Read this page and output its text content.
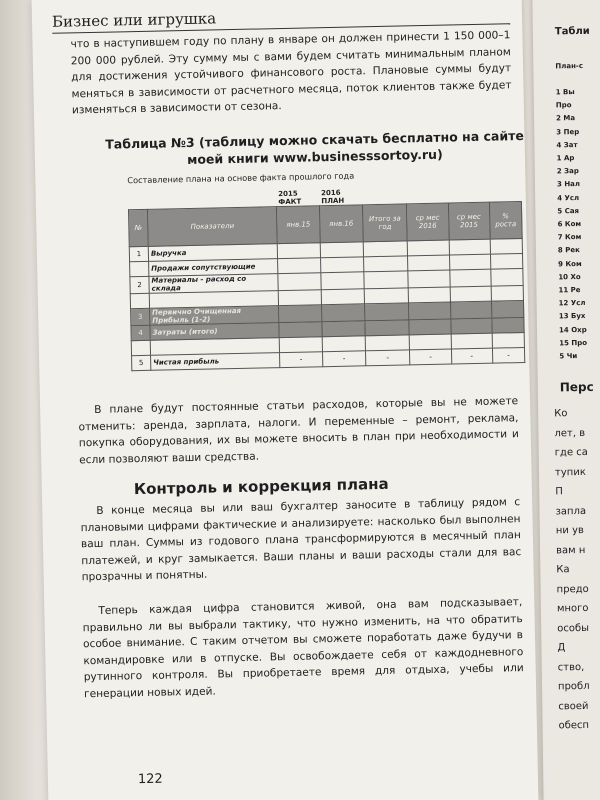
Табли
План-с
1 Вы
Про
2 Ма
3 Пер
4 Зат
1 Ар
2 Зар
3 Нал
4 Усл
5 Сая
6 Ком
7 Ком
8 Рек
9 Ком
10 Хо
11 Ре
12 Усл
13 Бух
14 Охр
15 Про
5 Чи
Перс
Ко
лет, в
где са
тупик
П
запла
ни ув
вам н
Ка
предо
много
особы
Д
ство,
пробл
своей
обесп
Бизнес или игрушка
что в наступившем году по плану в январе он должен принести 1 150 000–1 200 000 рублей. Эту сумму мы с вами будем считать минимальным планом для достижения устойчивого финансового роста. Плановые суммы будут меняться в зависимости от расчетного месяца, поток клиентов также будет изменяться в зависимости от сезона.
Таблица №3 (таблицу можно скачать бесплатно на сайте моей книги www.businesssortoy.ru)
Составление плана на основе факта прошлого года
		2015 ФАКТ	2016 ПЛАН				
№	Показатели	янв.15	янв.16	Итого за год	ср мес 2016	ср мес 2015	% роста
1	Выручка						
	Продажи сопутствующие						
2	Материалы - расход со склада						

3	Первично Очищенная Прибыль (1-2)						
4	Затраты (итого)						

5	Чистая прибыль	-	-	-	-	-	-
В плане будут постоянные статьи расходов, которые вы не можете отменить: аренда, зарплата, налоги. И переменные – ремонт, реклама, покупка оборудования, их вы можете вносить в план при необходимости и если позволяют ваши средства.
Контроль и коррекция плана
В конце месяца вы или ваш бухгалтер заносите в таблицу рядом с плановыми цифрами фактические и анализируете: насколько был выполнен ваш план. Суммы из годового плана трансформируются в месячный план платежей, и круг замыкается. Ваши планы и ваши расходы стали для вас прозрачны и понятны.
Теперь каждая цифра становится живой, она вам подсказывает, правильно ли вы выбрали тактику, что нужно изменить, на что обратить особое внимание. С таким отчетом вы сможете поработать даже будучи в командировке или в отпуске. Вы освобождаете себя от каждодневного рутинного контроля. Вы приобретаете время для отдыха, учебы или генерации новых идей.
122
